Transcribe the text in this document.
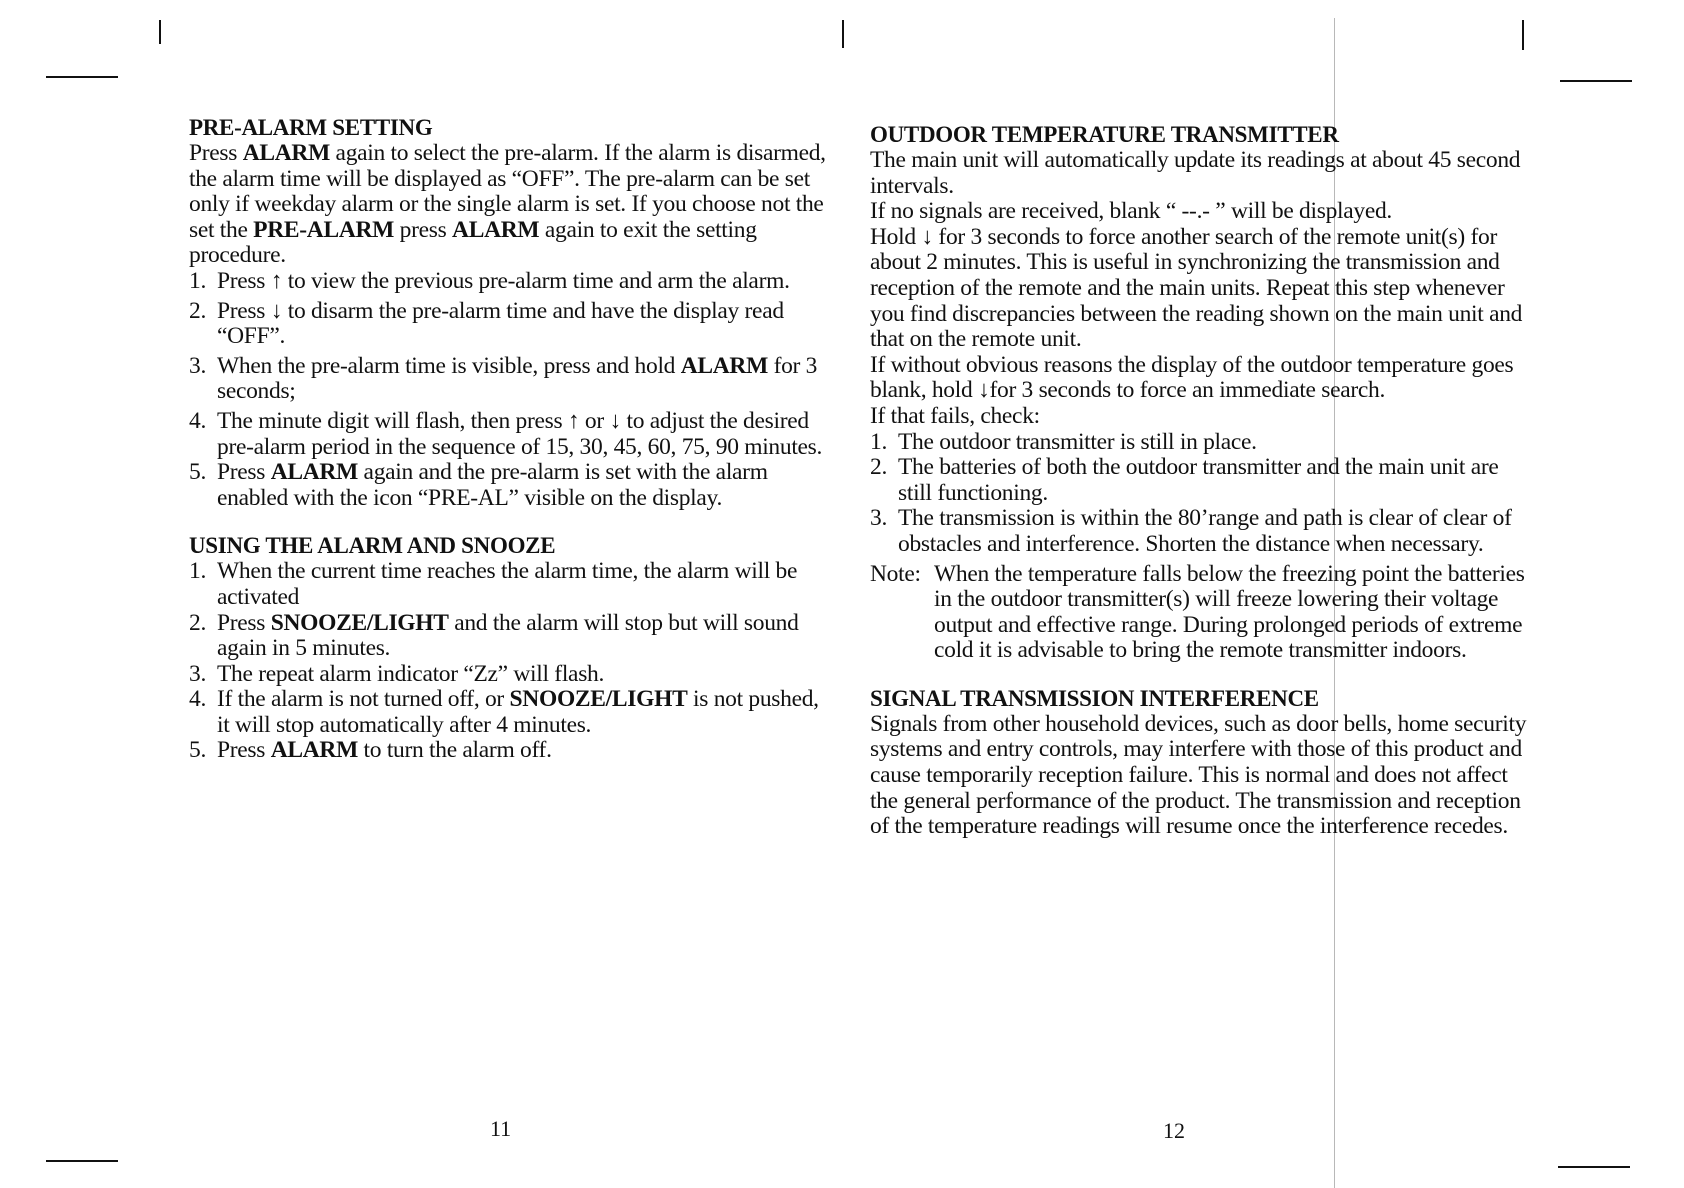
PRE-ALARM SETTING

Press ALARM again to select the pre-alarm. If the alarm is disarmed, the alarm time will be displayed as “OFF”. The pre-alarm can be set only if weekday alarm or the single alarm is set. If you choose not the set the PRE-ALARM press ALARM again to exit the setting procedure.

1. Press ↑ to view the previous pre-alarm time and arm the alarm.
2. Press ↓ to disarm the pre-alarm time and have the display read “OFF”.
3. When the pre-alarm time is visible, press and hold ALARM for 3 seconds;
4. The minute digit will flash, then press ↑ or ↓ to adjust the desired pre-alarm period in the sequence of 15, 30, 45, 60, 75, 90 minutes.
5. Press ALARM again and the pre-alarm is set with the alarm enabled with the icon “PRE-AL” visible on the display.
USING THE ALARM AND SNOOZE
1. When the current time reaches the alarm time, the alarm will be activated
2. Press SNOOZE/LIGHT and the alarm will stop but will sound again in 5 minutes.
3. The repeat alarm indicator “Zz” will flash.
4. If the alarm is not turned off, or SNOOZE/LIGHT is not pushed, it will stop automatically after 4 minutes.
5. Press ALARM to turn the alarm off.
11
OUTDOOR TEMPERATURE TRANSMITTER

The main unit will automatically update its readings at about 45 second intervals.

If no signals are received, blank “ ‐‐.‐ ” will be displayed.

Hold ↓ for 3 seconds to force another search of the remote unit(s) for about 2 minutes. This is useful in synchronizing the transmission and reception of the remote and the main units. Repeat this step whenever you find discrepancies between the reading shown on the main unit and that on the remote unit.

If without obvious reasons the display of the outdoor temperature goes blank, hold ↓for 3 seconds to force an immediate search.

If that fails, check:

1. The outdoor transmitter is still in place.
2. The batteries of both the outdoor transmitter and the main unit are still functioning.
3. The transmission is within the 80’range and path is clear of clear of obstacles and interference. Shorten the distance when necessary.
Note: When the temperature falls below the freezing point the batteries in the outdoor transmitter(s) will freeze lowering their voltage output and effective range. During prolonged periods of extreme cold it is advisable to bring the remote transmitter indoors.
SIGNAL TRANSMISSION INTERFERENCE

Signals from other household devices, such as door bells, home security systems and entry controls, may interfere with those of this product and cause temporarily reception failure. This is normal and does not affect the general performance of the product. The transmission and reception of the temperature readings will resume once the interference recedes.

12
